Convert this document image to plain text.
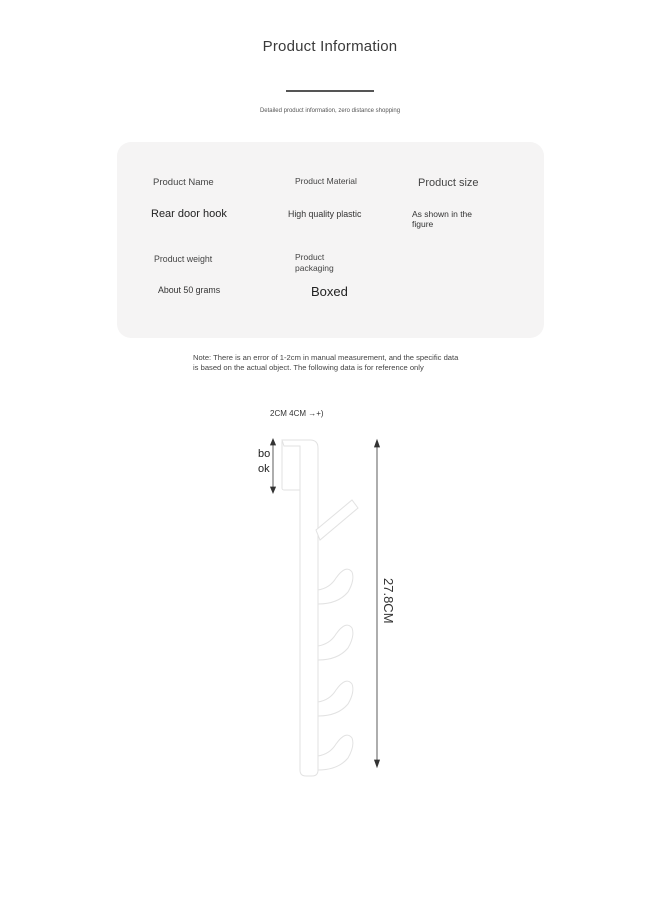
Product Information
Detailed product information, zero distance shopping
Product Name
Rear door hook
Product Material
High quality plastic
Product size
As shown in the figure
Product weight
About 50 grams
Product packaging
Boxed
Note: There is an error of 1-2cm in manual measurement, and the specific data is based on the actual object. The following data is for reference only
2CM 4CM →+)
bo
ok
27.8CM
